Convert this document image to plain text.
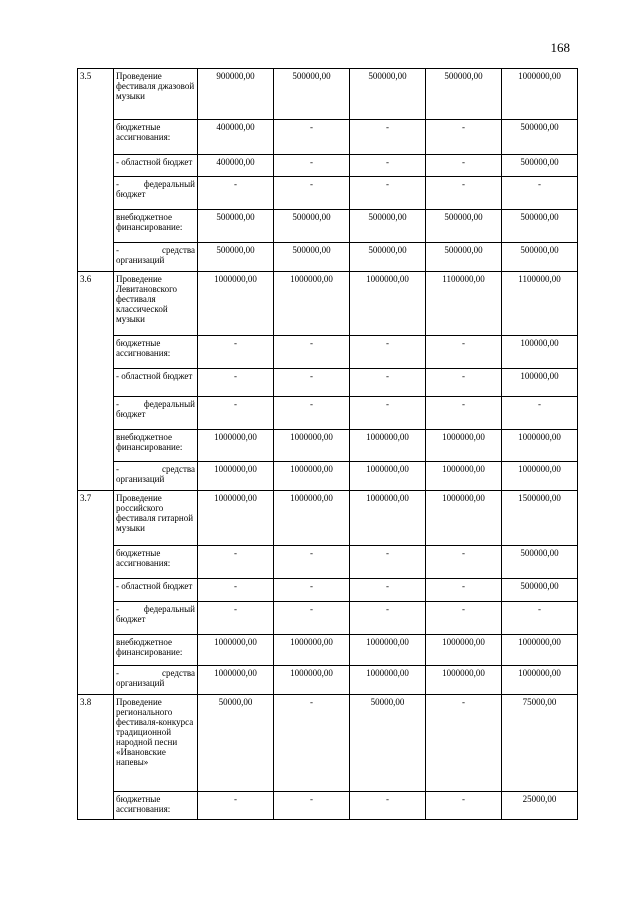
168
3.5	Проведение фестиваля джазовой музыки	900000,00	500000,00	500000,00	500000,00	1000000,00
	бюджетные ассигнования:	400000,00	-	-	-	500000,00
	- областной бюджет	400000,00	-	-	-	500000,00
	- федеральный бюджет	-	-	-	-	-
	внебюджетное финансирование:	500000,00	500000,00	500000,00	500000,00	500000,00
	- средства организаций	500000,00	500000,00	500000,00	500000,00	500000,00
3.6	Проведение Левитановского фестиваля классической музыки	1000000,00	1000000,00	1000000,00	1100000,00	1100000,00
	бюджетные ассигнования:	-	-	-	-	100000,00
	- областной бюджет	-	-	-	-	100000,00
	- федеральный бюджет	-	-	-	-	-
	внебюджетное финансирование:	1000000,00	1000000,00	1000000,00	1000000,00	1000000,00
	- средства организаций	1000000,00	1000000,00	1000000,00	1000000,00	1000000,00
3.7	Проведение российского фестиваля гитарной музыки	1000000,00	1000000,00	1000000,00	1000000,00	1500000,00
	бюджетные ассигнования:	-	-	-	-	500000,00
	- областной бюджет	-	-	-	-	500000,00
	- федеральный бюджет	-	-	-	-	-
	внебюджетное финансирование:	1000000,00	1000000,00	1000000,00	1000000,00	1000000,00
	- средства организаций	1000000,00	1000000,00	1000000,00	1000000,00	1000000,00
3.8	Проведение регионального фестиваля-конкурса традиционной народной песни «Ивановские напевы»	50000,00	-	50000,00	-	75000,00
	бюджетные ассигнования:	-	-	-	-	25000,00
